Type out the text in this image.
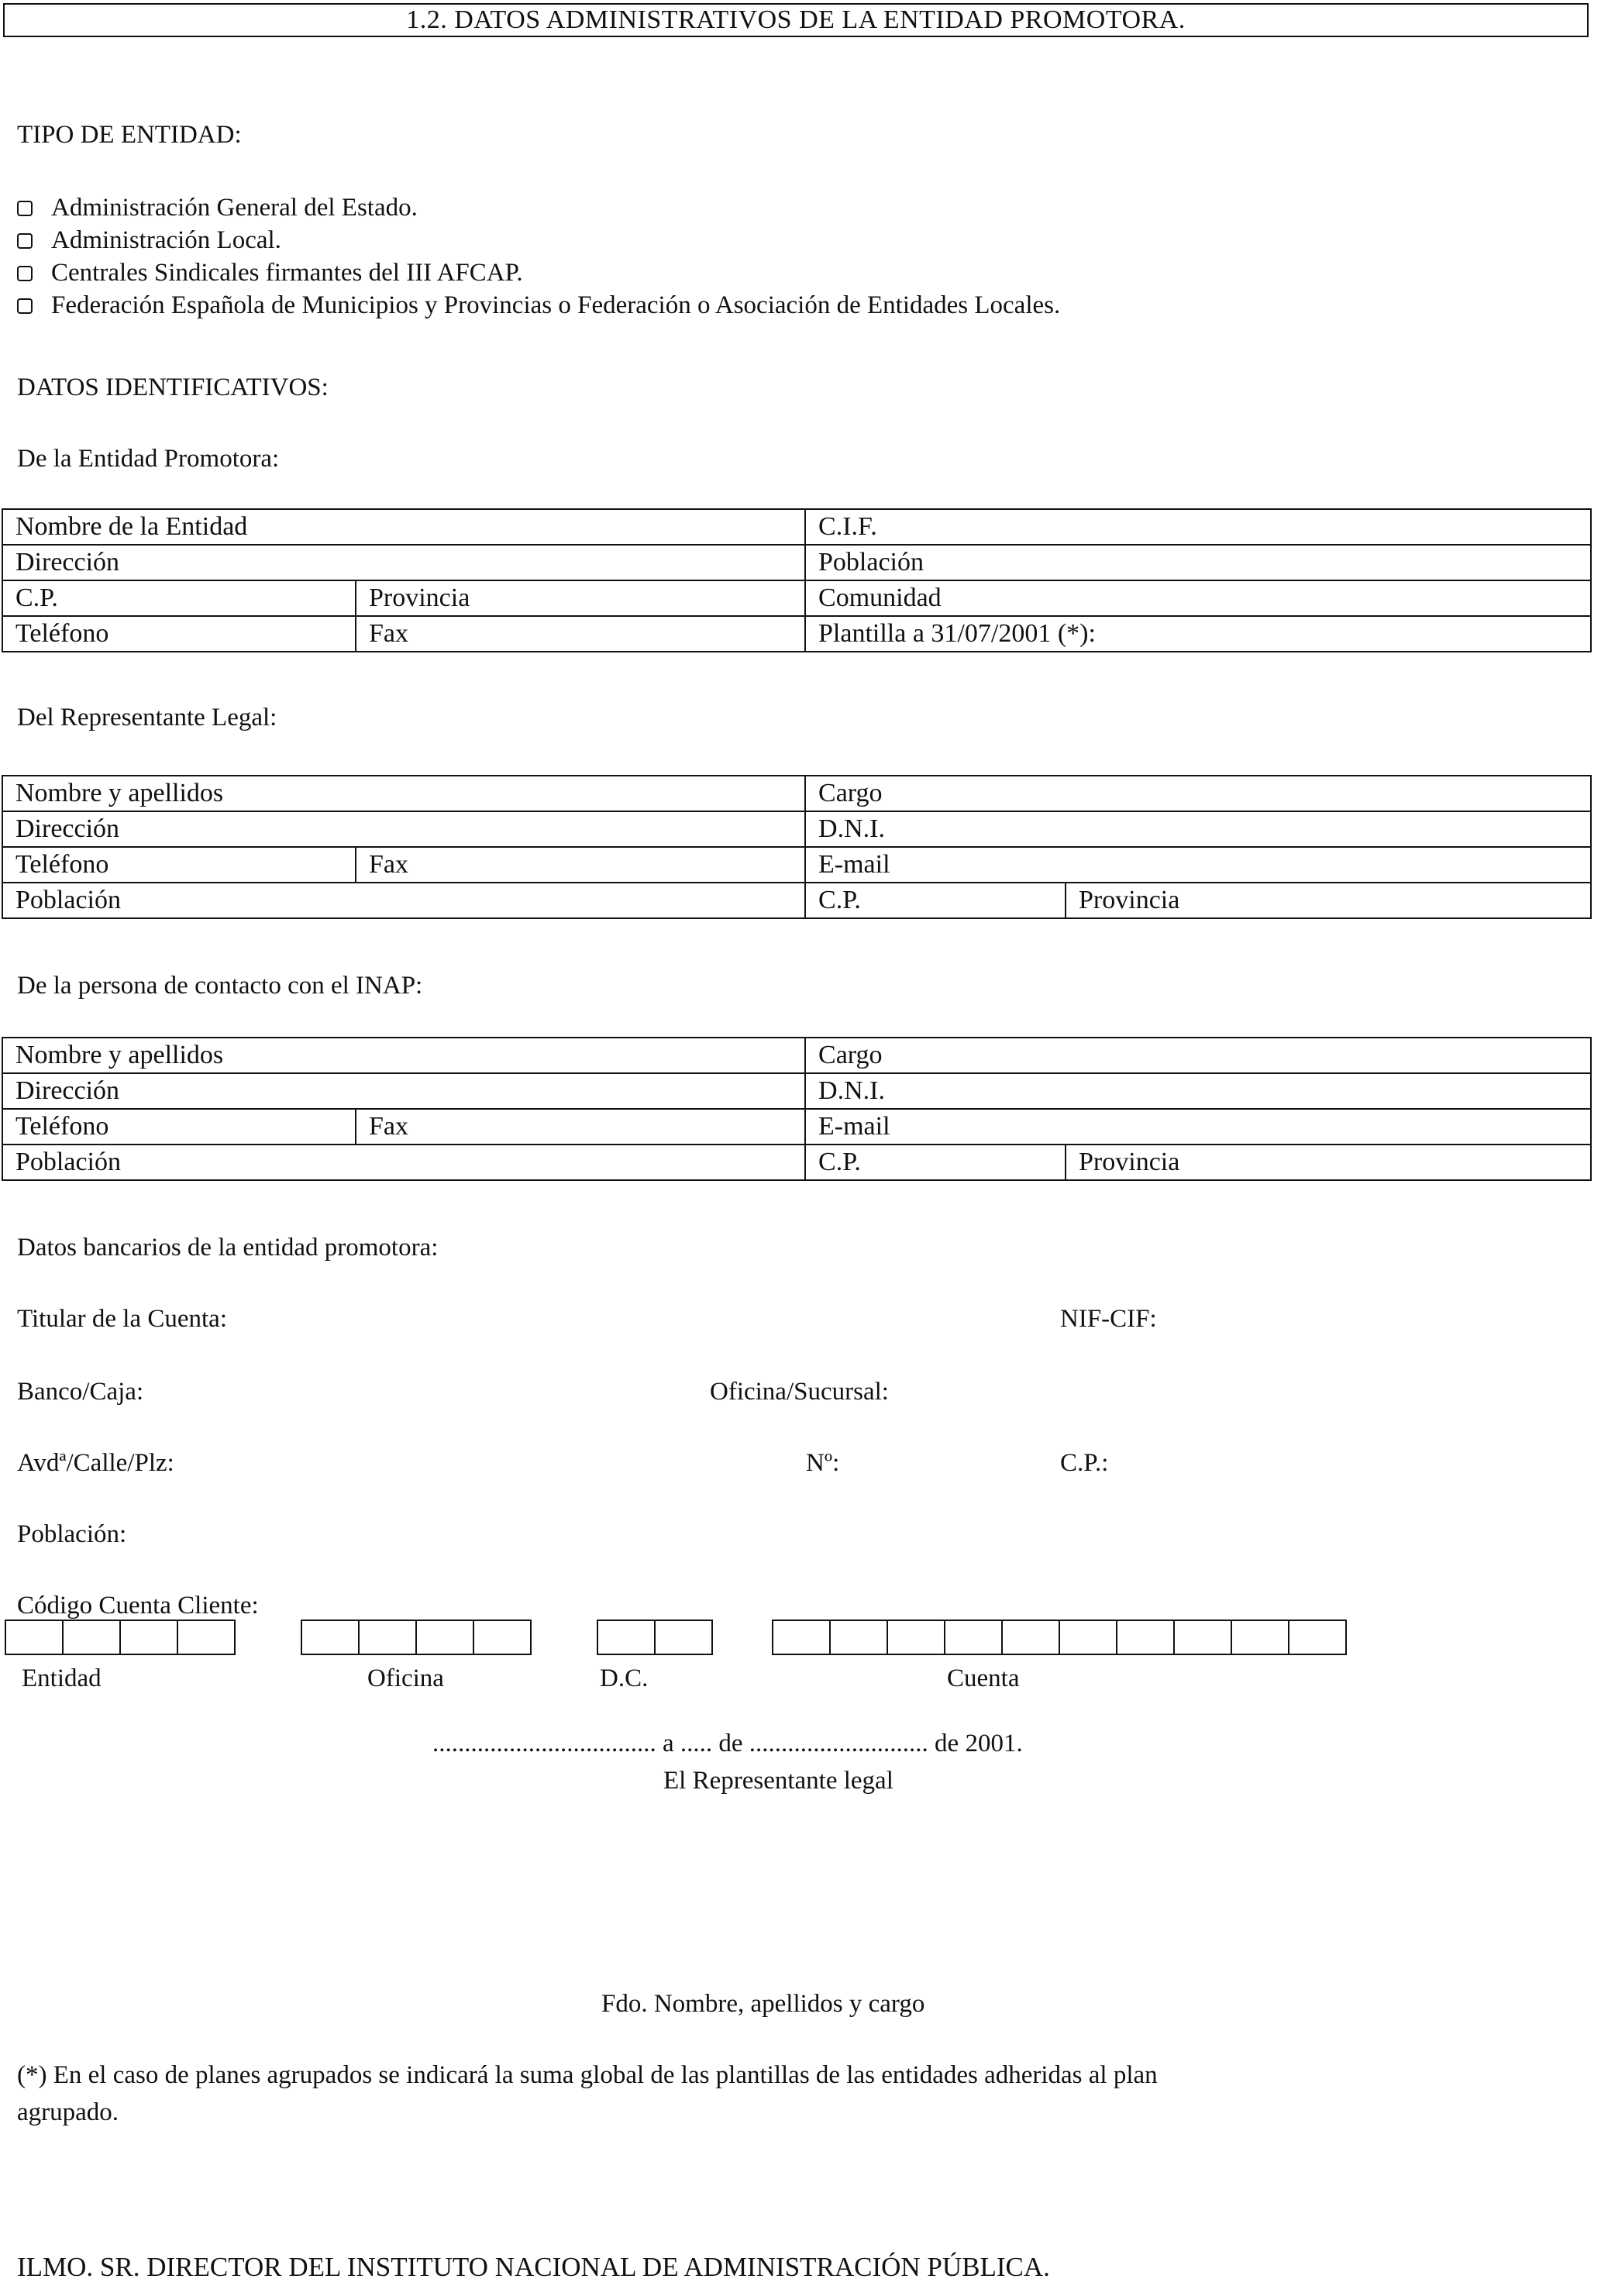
1.2. DATOS ADMINISTRATIVOS DE LA ENTIDAD PROMOTORA.
TIPO DE ENTIDAD:
Administración General del Estado.
Administración Local.
Centrales Sindicales firmantes del III AFCAP.
Federación Española de Municipios y Provincias o Federación o Asociación de Entidades Locales.
DATOS IDENTIFICATIVOS:
De la Entidad Promotora:
Nombre de la Entidad		C.I.F.
Dirección		Población
C.P.	Provincia	Comunidad
Teléfono	Fax	Plantilla a 31/07/2001 (*):
Del Representante Legal:
Nombre y apellidos		Cargo	
Dirección		D.N.I.	
Teléfono	Fax	E-mail	
Población		C.P.	Provincia
De la persona de contacto con el INAP:
Nombre y apellidos		Cargo	
Dirección		D.N.I.	
Teléfono	Fax	E-mail	
Población		C.P.	Provincia
Datos bancarios de la entidad promotora:
Titular de la Cuenta:	NIF-CIF:
Banco/Caja:	Oficina/Sucursal:
Avdª/Calle/Plz:	Nº:	C.P.:
Población:
Código Cuenta Cliente:
Entidad	Oficina	D.C.	Cuenta
................................... a ..... de ............................ de 2001.
El Representante legal
Fdo. Nombre, apellidos y cargo
(*) En el caso de planes agrupados se indicará la suma global de las plantillas de las entidades adheridas al plan
agrupado.
ILMO. SR. DIRECTOR DEL INSTITUTO NACIONAL DE ADMINISTRACIÓN PÚBLICA.
